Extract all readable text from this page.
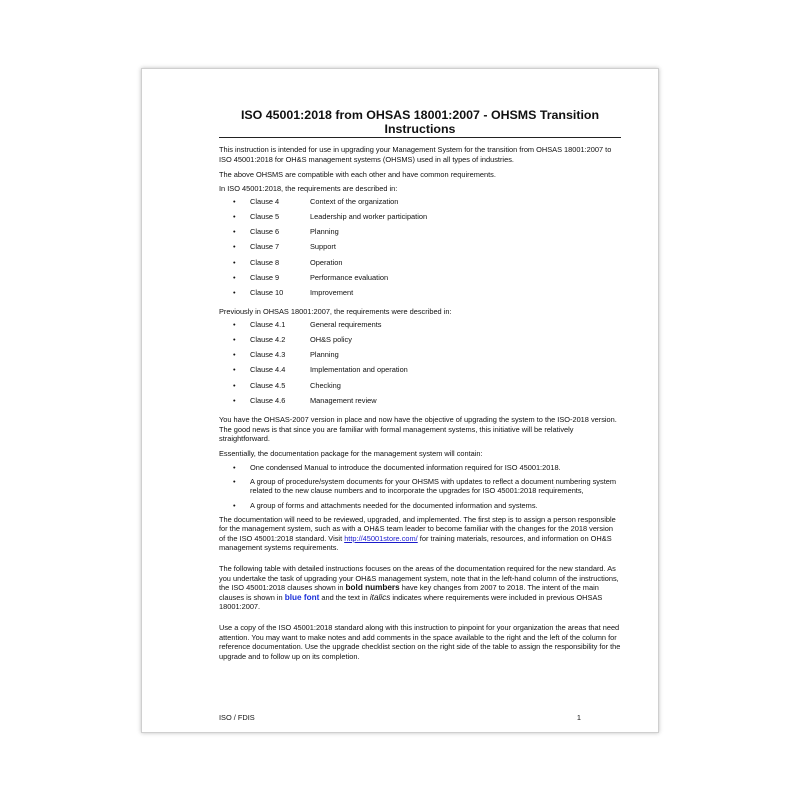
ISO 45001:2018 from OHSAS 18001:2007 - OHSMS Transition Instructions

This instruction is intended for use in upgrading your Management System for the transition from OHSAS 18001:2007 to ISO 45001:2018 for OH&S management systems (OHSMS) used in all types of industries.

The above OHSMS are compatible with each other and have common requirements.

In ISO 45001:2018, the requirements are described in:

• Clause 4	Context of the organization
• Clause 5	Leadership and worker participation
• Clause 6	Planning
• Clause 7	Support
• Clause 8	Operation
• Clause 9	Performance evaluation
• Clause 10	Improvement

Previously in OHSAS 18001:2007, the requirements were described in:

• Clause 4.1	General requirements
• Clause 4.2	OH&S policy
• Clause 4.3	Planning
• Clause 4.4	Implementation and operation
• Clause 4.5	Checking
• Clause 4.6	Management review

You have the OHSAS-2007 version in place and now have the objective of upgrading the system to the ISO-2018 version. The good news is that since you are familiar with formal management systems, this initiative will be relatively straightforward.

Essentially, the documentation package for the management system will contain:

• One condensed Manual to introduce the documented information required for ISO 45001:2018.
• A group of procedure/system documents for your OHSMS with updates to reflect a document numbering system related to the new clause numbers and to incorporate the upgrades for ISO 45001:2018 requirements,
• A group of forms and attachments needed for the documented information and systems.

The documentation will need to be reviewed, upgraded, and implemented. The first step is to assign a person responsible for the management system, such as with a OH&S team leader to become familiar with the changes for the 2018 version of the ISO 45001:2018 standard. Visit http://45001store.com/ for training materials, resources, and information on OH&S management systems requirements.

The following table with detailed instructions focuses on the areas of the documentation required for the new standard. As you undertake the task of upgrading your OH&S management system, note that in the left-hand column of the instructions, the ISO 45001:2018 clauses shown in bold numbers have key changes from 2007 to 2018. The intent of the main clauses is shown in blue font and the text in italics indicates where requirements were included in previous OHSAS 18001:2007.

Use a copy of the ISO 45001:2018 standard along with this instruction to pinpoint for your organization the areas that need attention. You may want to make notes and add comments in the space available to the right and the left of the column for reference documentation. Use the upgrade checklist section on the right side of the table to assign the responsibility for the upgrade and to follow up on its completion.

ISO / FDIS	1
